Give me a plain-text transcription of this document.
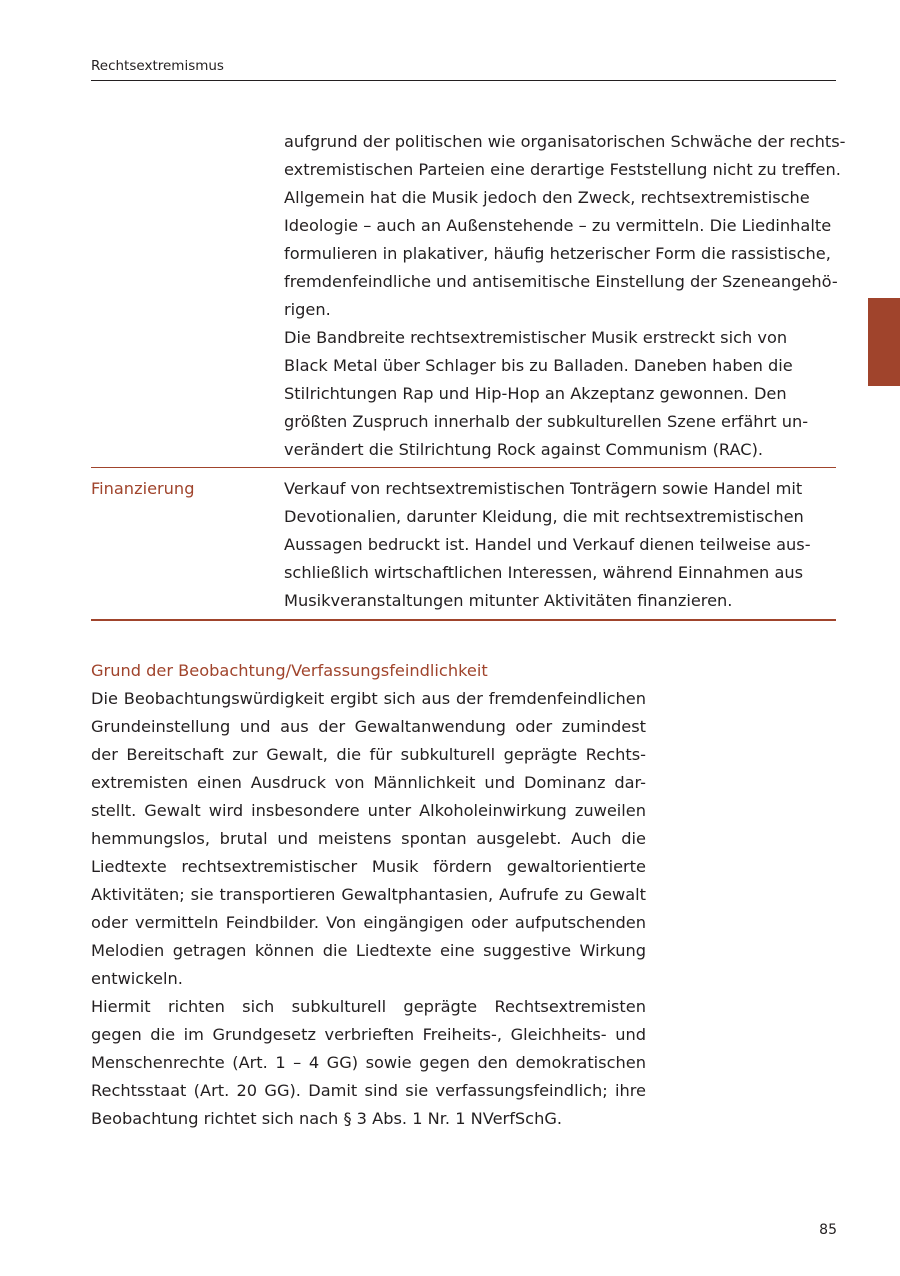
Rechtsextremismus
aufgrund der politischen wie organisatorischen Schwäche der rechts-
extremistischen Parteien eine derartige Feststellung nicht zu treffen.
Allgemein hat die Musik jedoch den Zweck, rechtsextremistische
Ideologie – auch an Außenstehende – zu vermitteln. Die Liedinhalte
formulieren in plakativer, häufig hetzerischer Form die rassistische,
fremdenfeindliche und antisemitische Einstellung der Szeneangehö-
rigen.
Die Bandbreite rechtsextremistischer Musik erstreckt sich von
Black Metal über Schlager bis zu Balladen. Daneben haben die
Stilrichtungen Rap und Hip-Hop an Akzeptanz gewonnen. Den
größten Zuspruch innerhalb der subkulturellen Szene erfährt un-
verändert die Stilrichtung Rock against Communism (RAC).
Finanzierung	Verkauf von rechtsextremistischen Tonträgern sowie Handel mit
Devotionalien, darunter Kleidung, die mit rechtsextremistischen
Aussagen bedruckt ist. Handel und Verkauf dienen teilweise aus-
schließlich wirtschaftlichen Interessen, während Einnahmen aus
Musikveranstaltungen mitunter Aktivitäten finanzieren.
Grund der Beobachtung/Verfassungsfeindlichkeit
Die Beobachtungswürdigkeit ergibt sich aus der fremdenfeindlichen
Grundeinstellung und aus der Gewaltanwendung oder zumindest
der Bereitschaft zur Gewalt, die für subkulturell geprägte Rechts-
extremisten einen Ausdruck von Männlichkeit und Dominanz dar-
stellt. Gewalt wird insbesondere unter Alkoholeinwirkung zuweilen
hemmungslos, brutal und meistens spontan ausgelebt. Auch die
Liedtexte rechtsextremistischer Musik fördern gewaltorientierte
Aktivitäten; sie transportieren Gewaltphantasien, Aufrufe zu Gewalt
oder vermitteln Feindbilder. Von eingängigen oder aufputschenden
Melodien getragen können die Liedtexte eine suggestive Wirkung
entwickeln.
Hiermit richten sich subkulturell geprägte Rechtsextremisten
gegen die im Grundgesetz verbrieften Freiheits-, Gleichheits- und
Menschenrechte (Art. 1 – 4 GG) sowie gegen den demokratischen
Rechtsstaat (Art. 20 GG). Damit sind sie verfassungsfeindlich; ihre
Beobachtung richtet sich nach § 3 Abs. 1 Nr. 1 NVerfSchG.
85
